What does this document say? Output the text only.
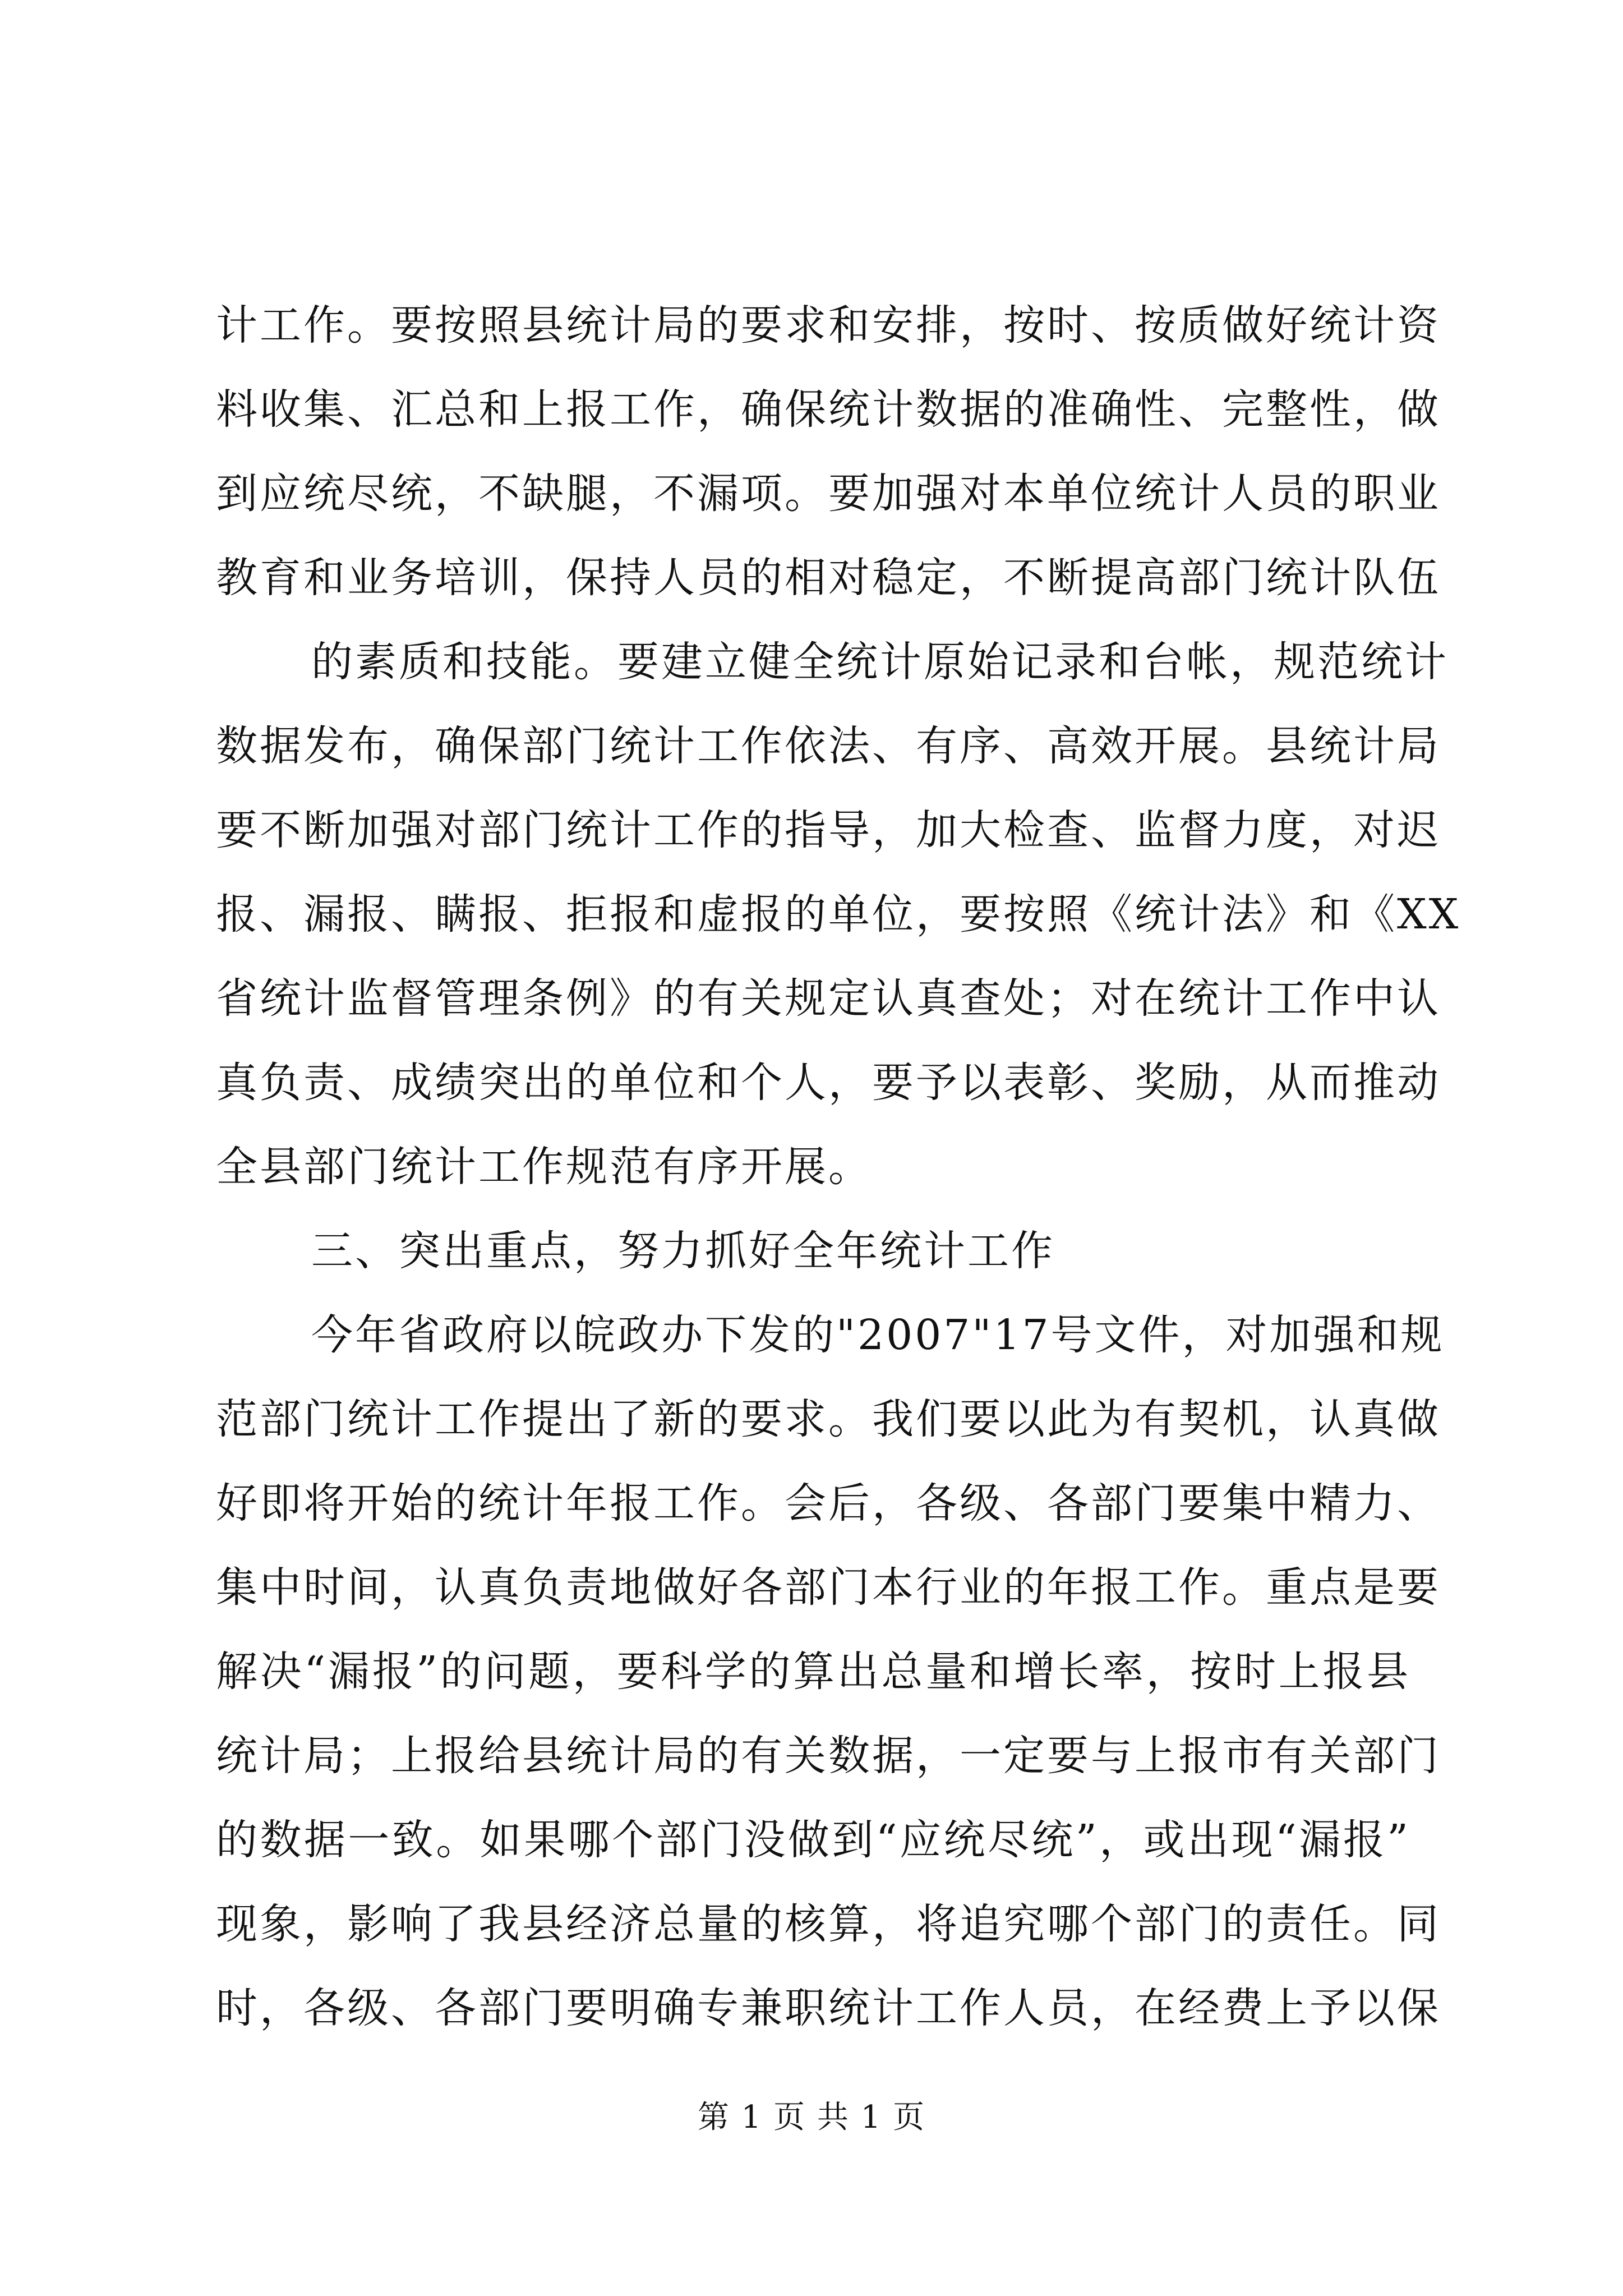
计工作。要按照县统计局的要求和安排，按时、按质做好统计资
料收集、汇总和上报工作，确保统计数据的准确性、完整性，做
到应统尽统，不缺腿，不漏项。要加强对本单位统计人员的职业
教育和业务培训，保持人员的相对稳定，不断提高部门统计队伍
的素质和技能。要建立健全统计原始记录和台帐，规范统计
数据发布，确保部门统计工作依法、有序、高效开展。县统计局
要不断加强对部门统计工作的指导，加大检查、监督力度，对迟
报、漏报、瞒报、拒报和虚报的单位，要按照《统计法》和《XX
省统计监督管理条例》的有关规定认真查处；对在统计工作中认
真负责、成绩突出的单位和个人，要予以表彰、奖励，从而推动
全县部门统计工作规范有序开展。
三、突出重点，努力抓好全年统计工作
今年省政府以皖政办下发的"2007"17号文件，对加强和规
范部门统计工作提出了新的要求。我们要以此为有契机，认真做
好即将开始的统计年报工作。会后，各级、各部门要集中精力、
集中时间，认真负责地做好各部门本行业的年报工作。重点是要
解决“漏报”的问题，要科学的算出总量和增长率，按时上报县
统计局；上报给县统计局的有关数据，一定要与上报市有关部门
的数据一致。如果哪个部门没做到“应统尽统”，或出现“漏报”
现象，影响了我县经济总量的核算，将追究哪个部门的责任。同
时，各级、各部门要明确专兼职统计工作人员，在经费上予以保
第 1 页 共 1 页
